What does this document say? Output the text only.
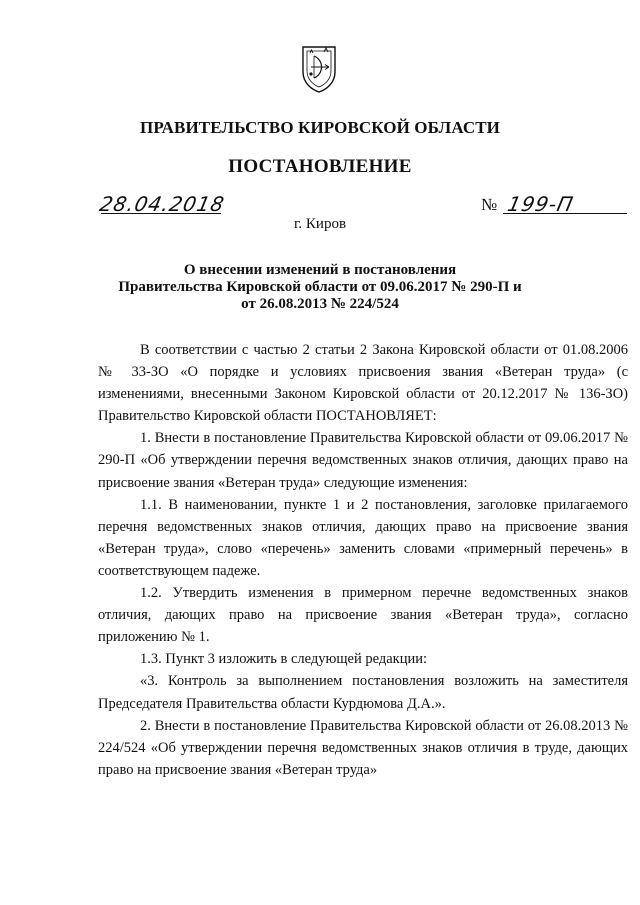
ПРАВИТЕЛЬСТВО КИРОВСКОЙ ОБЛАСТИ
ПОСТАНОВЛЕНИЕ
28.04.2018	№ 199-П
г. Киров
О внесении изменений в постановления
Правительства Кировской области от 09.06.2017 № 290-П и
от 26.08.2013 № 224/524

В соответствии с частью 2 статьи 2 Закона Кировской области от 01.08.2006 № 33-ЗО «О порядке и условиях присвоения звания «Ветеран труда» (с изменениями, внесенными Законом Кировской области от 20.12.2017 № 136-ЗО) Правительство Кировской области ПОСТАНОВЛЯЕТ:

1. Внести в постановление Правительства Кировской области от 09.06.2017 № 290-П «Об утверждении перечня ведомственных знаков отличия, дающих право на присвоение звания «Ветеран труда» следующие изменения:

1.1. В наименовании, пункте 1 и 2 постановления, заголовке прилагаемого перечня ведомственных знаков отличия, дающих право на присвоение звания «Ветеран труда», слово «перечень» заменить словами «примерный перечень» в соответствующем падеже.

1.2. Утвердить изменения в примерном перечне ведомственных знаков отличия, дающих право на присвоение звания «Ветеран труда», согласно приложению № 1.

1.3. Пункт 3 изложить в следующей редакции:

«3. Контроль за выполнением постановления возложить на заместителя Председателя Правительства области Курдюмова Д.А.».

2. Внести в постановление Правительства Кировской области от 26.08.2013 № 224/524 «Об утверждении перечня ведомственных знаков отличия в труде, дающих право на присвоение звания «Ветеран труда»
